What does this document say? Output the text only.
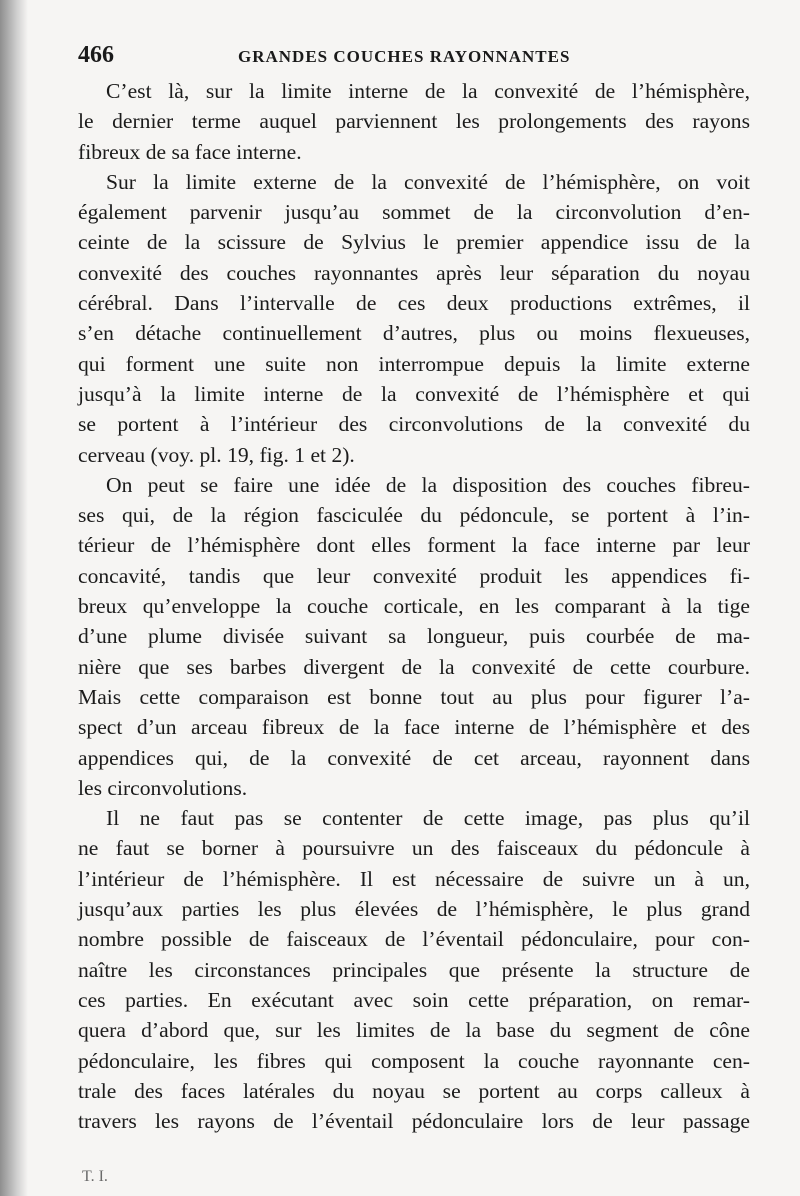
466	GRANDES COUCHES RAYONNANTES
C’est là, sur la limite interne de la convexité de l’hémisphère,
le dernier terme auquel parviennent les prolongements des rayons
fibreux de sa face interne.
Sur la limite externe de la convexité de l’hémisphère, on voit
également parvenir jusqu’au sommet de la circonvolution d’en-
ceinte de la scissure de Sylvius le premier appendice issu de la
convexité des couches rayonnantes après leur séparation du noyau
cérébral. Dans l’intervalle de ces deux productions extrêmes, il
s’en détache continuellement d’autres, plus ou moins flexueuses,
qui forment une suite non interrompue depuis la limite externe
jusqu’à la limite interne de la convexité de l’hémisphère et qui
se portent à l’intérieur des circonvolutions de la convexité du
cerveau (voy. pl. 19, fig. 1 et 2).
On peut se faire une idée de la disposition des couches fibreu-
ses qui, de la région fasciculée du pédoncule, se portent à l’in-
térieur de l’hémisphère dont elles forment la face interne par leur
concavité, tandis que leur convexité produit les appendices fi-
breux qu’enveloppe la couche corticale, en les comparant à la tige
d’une plume divisée suivant sa longueur, puis courbée de ma-
nière que ses barbes divergent de la convexité de cette courbure.
Mais cette comparaison est bonne tout au plus pour figurer l’a-
spect d’un arceau fibreux de la face interne de l’hémisphère et des
appendices qui, de la convexité de cet arceau, rayonnent dans
les circonvolutions.
Il ne faut pas se contenter de cette image, pas plus qu’il
ne faut se borner à poursuivre un des faisceaux du pédoncule à
l’intérieur de l’hémisphère. Il est nécessaire de suivre un à un,
jusqu’aux parties les plus élevées de l’hémisphère, le plus grand
nombre possible de faisceaux de l’éventail pédonculaire, pour con-
naître les circonstances principales que présente la structure de
ces parties. En exécutant avec soin cette préparation, on remar-
quera d’abord que, sur les limites de la base du segment de cône
pédonculaire, les fibres qui composent la couche rayonnante cen-
trale des faces latérales du noyau se portent au corps calleux à
travers les rayons de l’éventail pédonculaire lors de leur passage
T. I.
